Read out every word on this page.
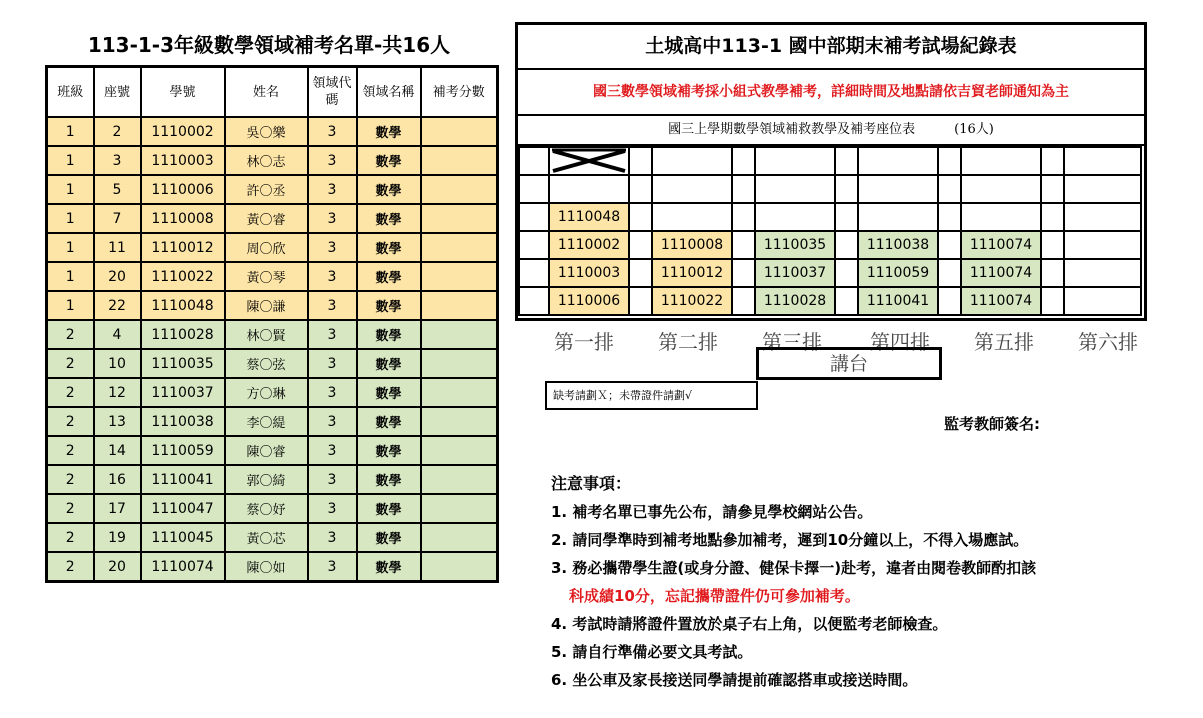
113-1-3年級數學領域補考名單-共16人
班級	座號	學號	姓名	領域代碼	領域名稱	補考分數
1	2	1110002	吳〇樂	3	數學	
1	3	1110003	林〇志	3	數學	
1	5	1110006	許〇丞	3	數學	
1	7	1110008	黃〇睿	3	數學	
1	11	1110012	周〇欣	3	數學	
1	20	1110022	黃〇琴	3	數學	
1	22	1110048	陳〇謙	3	數學	
2	4	1110028	林〇賢	3	數學	
2	10	1110035	蔡〇弦	3	數學	
2	12	1110037	方〇琳	3	數學	
2	13	1110038	李〇緹	3	數學	
2	14	1110059	陳〇睿	3	數學	
2	16	1110041	郭〇綺	3	數學	
2	17	1110047	蔡〇妤	3	數學	
2	19	1110045	黃〇芯	3	數學	
2	20	1110074	陳〇如	3	數學	
土城高中113-1 國中部期末補考試場紀錄表
國三數學領域補考採小組式教學補考，詳細時間及地點請依吉貿老師通知為主
國三上學期數學領域補救教學及補考座位表　　　(16人)

	1110048										
	1110002		1110008		1110035		1110038		1110074		
	1110003		1110012		1110037		1110059		1110074		
	1110006		1110022		1110028		1110041		1110074		
第一排 第二排 第三排 第四排 第五排 第六排
講台
缺考請劃Ｘ；未帶證件請劃√
監考教師簽名:
注意事項：
1. 補考名單已事先公布，請參見學校網站公告。
2. 請同學準時到補考地點參加補考，遲到10分鐘以上，不得入場應試。
3. 務必攜帶學生證(或身分證、健保卡擇一)赴考，違者由閱卷教師酌扣該
科成績10分，忘記攜帶證件仍可參加補考。
4. 考試時請將證件置放於桌子右上角，以便監考老師檢查。
5. 請自行準備必要文具考試。
6. 坐公車及家長接送同學請提前確認搭車或接送時間。
